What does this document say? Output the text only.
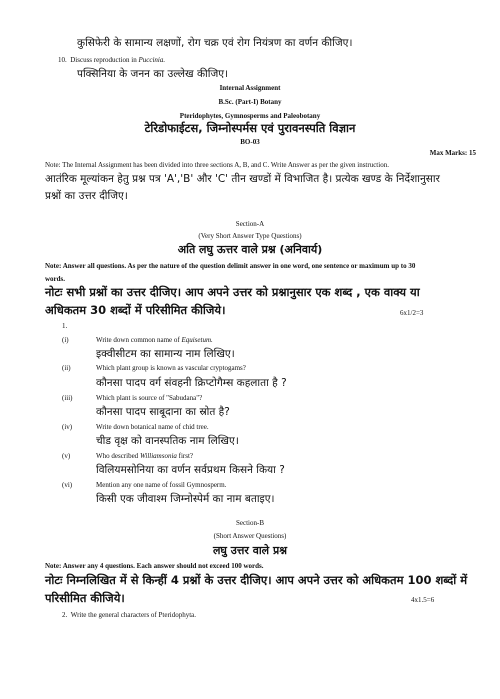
कुसिफेरी के सामान्य लक्षणों, रोग चक्र एवं रोग नियंत्रण का वर्णन कीजिए।
10. Discuss reproduction in Puccinia.
पक्सिनिया के जनन का उल्लेख कीजिए।
Internal Assignment
B.Sc. (Part-I) Botany
Pteridophytes, Gymnosperms and Paleobotany
टेरिडोफाईटस, जिम्नोस्पर्मस एवं पुरावनस्पति विज्ञान
BO-03
Max Marks: 15
Note: The Internal Assignment has been divided into three sections A, B, and C. Write Answer as per the given instruction.
आतंरिक मूल्यांकन हेतु प्रश्न पत्र 'A','B' और 'C' तीन खण्डों में विभाजित है। प्रत्येक खण्ड के निर्देशानुसार
प्रश्नों का उत्तर दीजिए।
Section-A
(Very Short Answer Type Questions)
अति लघु ऊत्तर वाले प्रश्न (अनिवार्य)
Note: Answer all questions. As per the nature of the question delimit answer in one word, one sentence or maximum up to 30
words.
नोटः सभी प्रश्नों का उत्तर दीजिए। आप अपने उत्तर को प्रश्नानुसार एक शब्द , एक वाक्य या
अधिकतम 30 शब्दों में परिसीमित कीजिये।	6x1/2=3
1.
(i)	Write down common name of Equisetum.
इक्वीसीटम का सामान्य नाम लिखिए।
(ii)	Which plant group is known as vascular cryptogams?
कौनसा पादप वर्ग संवहनी क्रिप्टोगैम्स कहलाता है ?
(iii)	Which plant is source of "Sabudana"?
कौनसा पादप साबूदाना का स्रोत है?
(iv)	Write down botanical name of chid tree.
चीड वृक्ष को वानस्पतिक नाम लिखिए।
(v)	Who described Williamsonia first?
विलियमसोनिया का वर्णन सर्वप्रथम किसने किया ?
(vi)	Mention any one name of fossil Gymnosperm.
किसी एक जीवाश्म जिम्नोस्पेर्म का नाम बताइए।
Section-B
(Short Answer Questions)
लघु उत्तर वाले प्रश्न
Note: Answer any 4 questions. Each answer should not exceed 100 words.
नोटः निम्नलिखित में से किन्हीं 4 प्रश्नों के उत्तर दीजिए। आप अपने उत्तर को अधिकतम 100 शब्दों में
परिसीमित कीजिये।	4x1.5=6
2. Write the general characters of Pteridophyta.
